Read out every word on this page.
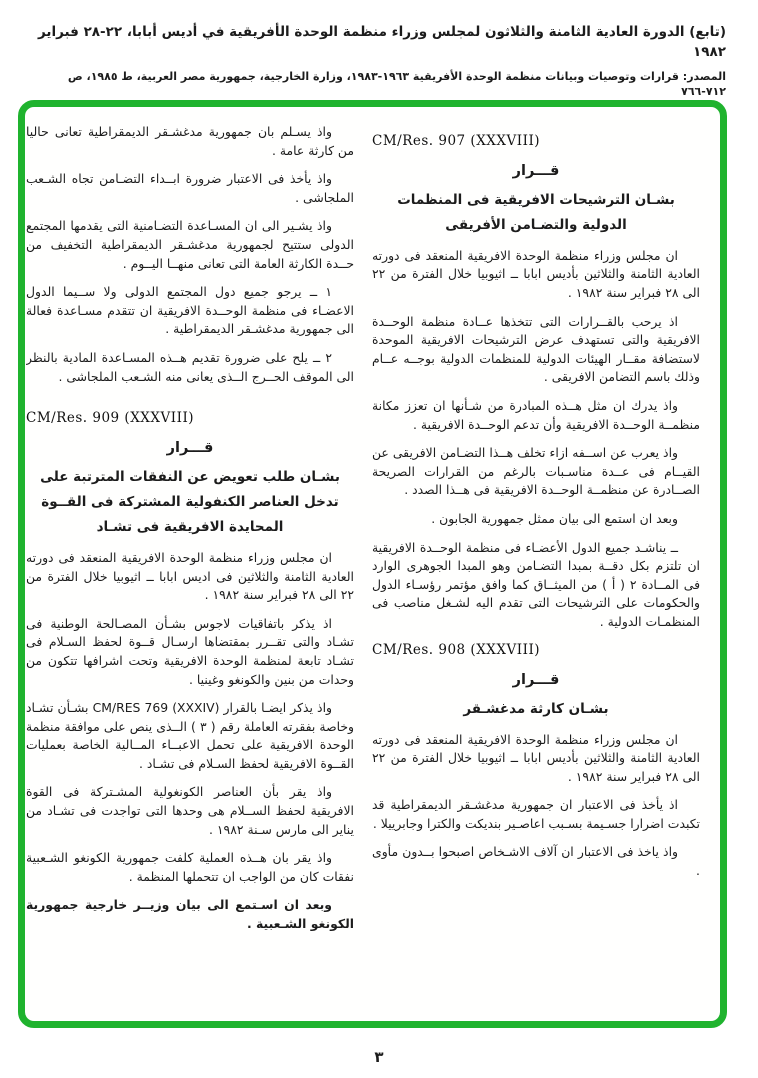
(تابع) الدورة العادية الثامنة والثلاثون لمجلس وزراء منظمة الوحدة الأفريقية في أديس أبابا، ٢٢-٢٨ فبراير ١٩٨٢
المصدر: قرارات وتوصيات وبيانات منظمة الوحدة الأفريقية ١٩٦٣-١٩٨٣، وزارة الخارجية، جمهورية مصر العربية، ط ١٩٨٥، ص ٧١٢-٧٦٦
CM/Res. 907 (XXXVIII)
قـــرار
بشـان الترشيحات الافريقية فى المنظمات
الدولية والتضـامن الأفريقى

ان مجلس وزراء منظمة الوحدة الافريقية المنعقد فى دورته العادية الثامنة والثلاثين بأديس ابابا ــ اثيوبيا خلال الفترة من ٢٢ الى ٢٨ فبراير سنة ١٩٨٢ .

اذ يرحب بالقــرارات التى تتخذها عــادة منظمة الوحــدة الافريقية والتى تستهدف عرض الترشيحات الافريقية الموحدة لاستضافة مقــار الهيئات الدولية للمنظمات الدولية بوجــه عــام وذلك باسم التضامن الافريقى .

واذ يدرك ان مثل هــذه المبادرة من شـأنها ان تعزز مكانة منظمــة الوحــدة الافريقية وأن تدعم الوحــدة الافريقية .

واذ يعرب عن اســفه ازاء تخلف هــذا التضـامن الافريقى عن القيــام فى عــدة مناسـبات بالرغم من القرارات الصريحة الصــادرة عن منظمــة الوحــدة الافريقية فى هــذا الصدد .

وبعد ان استمع الى بيان ممثل جمهورية الجابون .

ــ يناشـد جميع الدول الأعضـاء فى منظمة الوحــدة الافريقية ان تلتزم بكل دقــة بمبدا التضـامن وهو المبدا الجوهرى الوارد فى المــادة ٢ ( أ ) من الميثــاق كما وافق مؤتمر رؤسـاء الدول والحكومات على الترشيحات التى تقدم اليه لشـغل مناصب فى المنظمـات الدولية .

CM/Res. 908 (XXXVIII)
قـــرار
بشـان كارثة مدغشـقر

ان مجلس وزراء منظمة الوحدة الافريقية المنعقد فى دورته العادية الثامنة والثلاثين بأديس ابابا ــ اثيوبيا خلال الفترة من ٢٢ الى ٢٨ فبراير سنة ١٩٨٢ .

اذ يأخذ فى الاعتبار ان جمهورية مدغشـقر الديمقراطية قد تكبدت اضرارا جسـيمة بسـبب اعاصـير بنديكت والكترا وجابرييلا .

واذ ياخذ فى الاعتبار ان آلاف الاشـخاص اصبحوا بــدون مأوى .

واذ يسـلم بان جمهورية مدغشـقر الديمقراطية تعانى حاليا من كارثة عامة .

واذ يأخذ فى الاعتبار ضرورة ابــداء التضـامن تجاه الشـعب الملجاشى .

واذ يشـير الى ان المسـاعدة التضـامنية التى يقدمها المجتمع الدولى ستتيح لجمهورية مدغشـقر الديمقراطية التخفيف من حــدة الكارثة العامة التى تعانى منهــا اليــوم .

١ ــ يرجو جميع دول المجتمع الدولى ولا ســيما الدول الاعضـاء فى منظمة الوحــدة الافريقية ان تتقدم مسـاعدة فعالة الى جمهورية مدغشـقر الديمقراطية .

٢ ــ يلح على ضرورة تقديم هــذه المسـاعدة المادية بالنظر الى الموقف الحــرج الــذى يعانى منه الشـعب الملجاشى .

CM/Res. 909 (XXXVIII)
قـــرار
بشـان طلب تعويض عن النفقات المترتبة على
تدخل العناصر الكنفولية المشتركة فى القــوة
المحايدة الافريقية فى تشـاد

ان مجلس وزراء منظمة الوحدة الافريقية المنعقد فى دورته العادية الثامنة والثلاثين فى اديس ابابا ــ اثيوبيا خلال الفترة من ٢٢ الى ٢٨ فبراير سنة ١٩٨٢ .

اذ يذكر باتفاقيات لاجوس بشـأن المصـالحة الوطنية فى تشـاد والتى تقــرر بمقتضاها ارسـال قــوة لحفظ السـلام فى تشـاد تابعة لمنظمة الوحدة الافريقية وتحت اشرافها تتكون من وحدات من بنين والكونغو وغينيا .

واذ يذكر ايضـا بالقرار CM/RES 769 (XXXIV) بشـأن تشـاد وخاصة بفقرته العاملة رقم ( ٣ ) الــذى ينص على موافقة منظمة الوحدة الافريقية على تحمل الاعبــاء المــالية الخاصة بعمليات القــوة الافريقية لحفظ السـلام فى تشـاد .

واذ يقر بأن العناصر الكونغولية المشـتركة فى القوة الافريقية لحفظ الســلام هى وحدها التى تواجدت فى تشـاد من يناير الى مارس سـنة ١٩٨٢ .

واذ يقر بان هــذه العملية كلفت جمهورية الكونغو الشـعبية نفقات كان من الواجب ان تتحملها المنظمة .

وبعد ان اسـتمع الى بيان وزيــر خارجية جمهورية الكونغو الشـعبية .

٣
